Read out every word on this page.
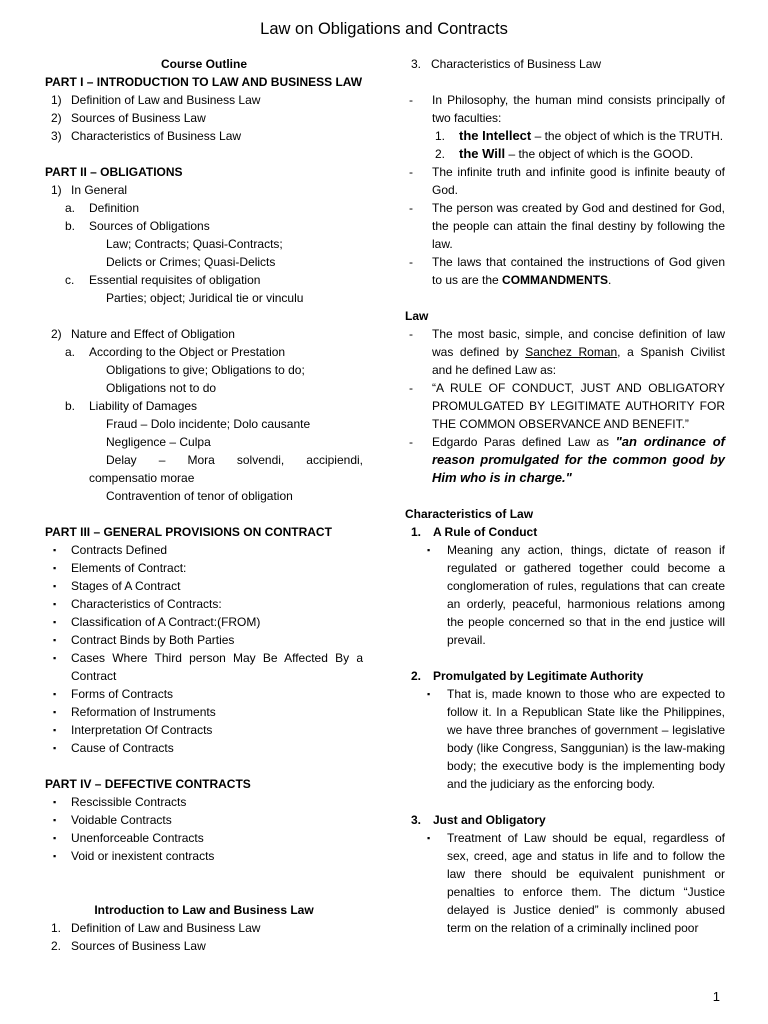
Law on Obligations and Contracts
Course Outline
PART I – INTRODUCTION TO LAW AND BUSINESS LAW
1) Definition of Law and Business Law
2) Sources of Business Law
3) Characteristics of Business Law
PART II – OBLIGATIONS
1) In General
a.	Definition
b.	Sources of Obligations
Law; Contracts; Quasi-Contracts;
Delicts or Crimes; Quasi-Delicts
c.	Essential requisites of obligation
Parties; object; Juridical tie or vinculu
2) Nature and Effect of Obligation
a.	According to the Object or Prestation
Obligations to give; Obligations to do;
Obligations not to do
b.	Liability of Damages
Fraud – Dolo incidente; Dolo causante
Negligence – Culpa
Delay – Mora solvendi, accipiendi,
compensatio morae
Contravention of tenor of obligation
PART III – GENERAL PROVISIONS ON CONTRACT
▪	Contracts Defined
▪	Elements of Contract:
▪	Stages of A Contract
▪	Characteristics of Contracts:
▪	Classification of A Contract:(FROM)
▪	Contract Binds by Both Parties
▪	Cases Where Third person May Be Affected By a Contract
▪	Forms of Contracts
▪	Reformation of Instruments
▪	Interpretation Of Contracts
▪	Cause of Contracts
PART IV – DEFECTIVE CONTRACTS
▪	Rescissible Contracts
▪	Voidable Contracts
▪	Unenforceable Contracts
▪	Void or inexistent contracts
Introduction to Law and Business Law
1. Definition of Law and Business Law
2. Sources of Business Law
3. Characteristics of Business Law
-	In Philosophy, the human mind consists principally of two faculties:
1.	the Intellect – the object of which is the TRUTH.
2.	the Will – the object of which is the GOOD.
-	The infinite truth and infinite good is infinite beauty of God.
-	The person was created by God and destined for God, the people can attain the final destiny by following the law.
-	The laws that contained the instructions of God given to us are the COMMANDMENTS.
Law
-	The most basic, simple, and concise definition of law was defined by Sanchez Roman, a Spanish Civilist and he defined Law as:
-	“A RULE OF CONDUCT, JUST AND OBLIGATORY PROMULGATED BY LEGITIMATE AUTHORITY FOR THE COMMON OBSERVANCE AND BENEFIT.”
-	Edgardo Paras defined Law as "an ordinance of reason promulgated for the common good by Him who is in charge."
Characteristics of Law
1. A Rule of Conduct
▪	Meaning any action, things, dictate of reason if regulated or gathered together could become a conglomeration of rules, regulations that can create an orderly, peaceful, harmonious relations among the people concerned so that in the end justice will prevail.
2. Promulgated by Legitimate Authority
▪	That is, made known to those who are expected to follow it. In a Republican State like the Philippines, we have three branches of government – legislative body (like Congress, Sanggunian) is the law-making body; the executive body is the implementing body and the judiciary as the enforcing body.
3. Just and Obligatory
▪	Treatment of Law should be equal, regardless of sex, creed, age and status in life and to follow the law there should be equivalent punishment or penalties to enforce them. The dictum “Justice delayed is Justice denied” is commonly abused term on the relation of a criminally inclined poor
1
